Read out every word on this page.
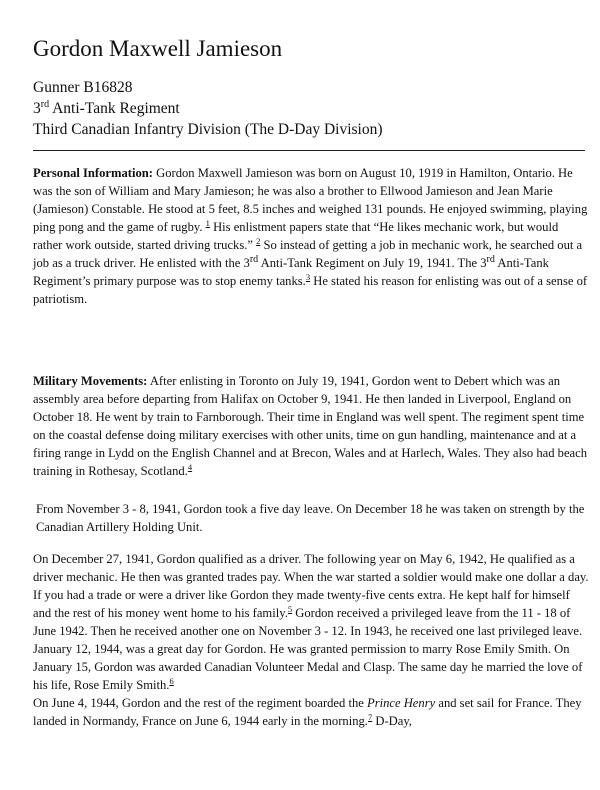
Gordon Maxwell Jamieson
Gunner B16828
3rd Anti-Tank Regiment
Third Canadian Infantry Division (The D-Day Division)

Personal Information: Gordon Maxwell Jamieson was born on August 10, 1919 in Hamilton, Ontario. He was the son of William and Mary Jamieson; he was also a brother to Ellwood Jamieson and Jean Marie (Jamieson) Constable. He stood at 5 feet, 8.5 inches and weighed 131 pounds. He enjoyed swimming, playing ping pong and the game of rugby. $^1$ His enlistment papers state that “He likes mechanic work, but would rather work outside, started driving trucks.” $^2$ So instead of getting a job in mechanic work, he searched out a job as a truck driver. He enlisted with the 3rd Anti-Tank Regiment on July 19, 1941. The 3rd Anti-Tank Regiment’s primary purpose was to stop enemy tanks.$^3$ He stated his reason for enlisting was out of a sense of patriotism.

Military Movements: After enlisting in Toronto on July 19, 1941, Gordon went to Debert which was an assembly area before departing from Halifax on October 9, 1941. He then landed in Liverpool, England on October 18. He went by train to Farnborough. Their time in England was well spent. The regiment spent time on the coastal defense doing military exercises with other units, time on gun handling, maintenance and at a firing range in Lydd on the English Channel and at Brecon, Wales and at Harlech, Wales. They also had beach training in Rothesay, Scotland.$^4$

From November 3 - 8, 1941, Gordon took a five day leave. On December 18 he was taken on strength by the Canadian Artillery Holding Unit.

On December 27, 1941, Gordon qualified as a driver. The following year on May 6, 1942, He qualified as a driver mechanic. He then was granted trades pay. When the war started a soldier would make one dollar a day. If you had a trade or were a driver like Gordon they made twenty-five cents extra. He kept half for himself and the rest of his money went home to his family.$^5$ Gordon received a privileged leave from the 11 - 18 of June 1942. Then he received another one on November 3 - 12. In 1943, he received one last privileged leave. January 12, 1944, was a great day for Gordon. He was granted permission to marry Rose Emily Smith. On January 15, Gordon was awarded Canadian Volunteer Medal and Clasp. The same day he married the love of his life, Rose Emily Smith.$^6$

On June 4, 1944, Gordon and the rest of the regiment boarded the Prince Henry and set sail for France. They landed in Normandy, France on June 6, 1944 early in the morning.$^7$ D-Day,
